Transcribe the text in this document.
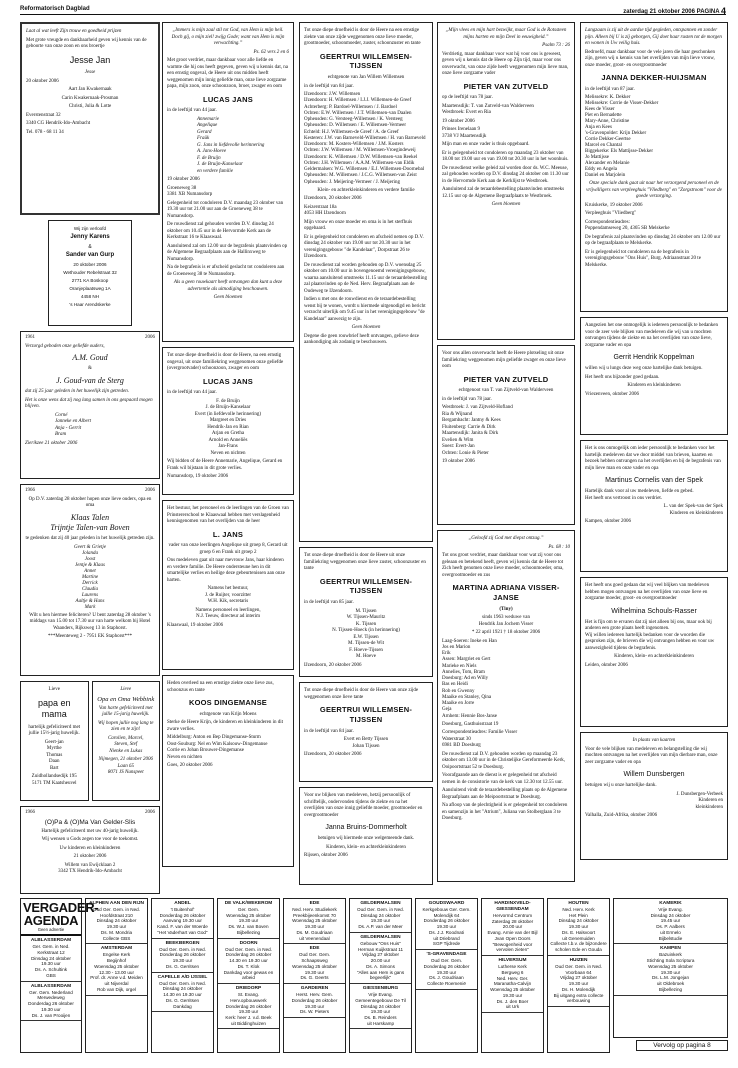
Reformatorisch Dagblad	zaterdag 21 oktober 2006 PAGINA 4

Laat al wat leeft Zijn trouw en goedheid prijzen

Met grote vreugde en dankbaarheid geven wij kennis van de geboorte van onze zoon en ons broertje

Jesse Jan

Jesse

20 oktober 2006

Aart Jan Kwakernaak

Carin Kwakernaak-Prosman

Christi, Julia & Lotte

Everstenstraat 32

3340 CG Hendrik-Ido-Ambacht

Tel. 078 - 68 11 34

Wij zijn verloofd

Jenny Karens

&

Sander van Gurp

20 oktober 2006

Wethouder Rebelstraat 32

2771 KA Boskoop

Oranjeplaatsweg 1A

4458 NH

's Haar Arendskerke

1961	2006

Verzorgd geboden onze geliefde ouders,

A.M. Goud

&

J. Goud-van de Sterg

dat zij 25 jaar geleden in het huwelijk zijn getreden.

Het is onze wens dat zij nog lang samen in ons gespaard mogen blijven.

Corné
Janneke en Albert
Anja - Gerrit
Bram

Zierikzee 21 oktober 2006

1966	2006

Op D.V. zaterdag 28 oktober hopen onze lieve ouders, opa en oma

Klaas Talen
Trijntje Talen-van Boven

te gedenken dat zij 40 jaar geleden in het huwelijk getreden zijn.

Geert & Grietje
Jolanda
Joost
Jentje & Klaas
Annet
Martine
Derrick
Claudia
Laurens
Aaltje & Hans
Mark

Wilt u hen hiermee feliciteren? U bent zaterdag 28 oktober 's middags van 15.00 tot 17.30 uur van harte welkom bij Hotel Waanders, Rijksweg 13 in Staphorst.

***Meenteweg 2 - 7951 EK Staphorst***

Lieve

papa en mama

hartelijk gefeliciteerd met jullie 15½-jarig huwelijk.

Geert-jan
Myrthe
Thomas
Daan
Bart

Zuidhollandsedijk 195
5171 TM Kaatsheuvel

Lieve

Opa en Oma Webbink

Van harte gefeliciteerd met jullie 15-jarig huwelijk.

Wij hopen jullie nog lang te zien en te zijn!

Carolien, Marcel,
Steven, Stef
Nienke en Lukas

Nijmegen, 21 oktober 2006
Laan 65
8071 JS Nunspeet

1966	2006

(O)Pa & (O)Ma Van Gelder-Slis

Hartelijk gefeliciteerd met uw 40-jarig huwelijk.

Wij wensen u Gods zegen toe voor de toekomst.

Uw kinderen en kleinkinderen

21 oktober 2006

Willem van Ewijcklaan 2
3342 TX Hendrik-Ido-Ambacht

„Immers is mijn zaal stil tot God, van Hem is mijn heil. Doch gij, o mijn ziel! zwijg Gode; want van Hem is mijn verwachting.”

Ps. 62 vers 2 en 6

Met groot verdriet, maar dankbaar voor alle liefde en warmte die hij ons heeft gegeven, geven wij u kennis dat, na een ernstig ongeval, de Heere uit ons midden heeft weggenomen mijn innig geliefde man, onze lieve zorgzame papa, mijn zoon, onze schoonzoon, broer, zwager en oom

LUCAS JANS

in de leeftijd van 44 jaar.

Annemarie
Angelique
Gerard
Fraük
G. Jans in liefdevolle herinnering
A. Jans-Hoeve
F. de Bruijn
J. de Bruijn-Kanselaar
en verdere familie

19 oktober 2006

Groeneweg 38
3381 XB Numansdorp

Gelegenheid tot condoleren D.V. maandag 23 oktober van 19.30 uur tot 21.00 uur aan de Groeneweg 38 te Numansdorp.

De rouwdienst zal gehouden worden D.V. dinsdag 24 oktober om 10.45 uur in de Hervormde Kerk aan de Kerkstraat 16 te Klaaswaal.

Aansluitend zal om 12.00 uur de begrafenis plaatsvinden op de Algemene Begraafplaats aan de Hallinxweg te Numansdorp.

Na de begrafenis is er afscheid geslacht tot condoleren aan de Groeneweg 38 te Numansdorp.

Als u geen rouwkaart heeft ontvangen dan kunt u deze advertentie als uitnodiging beschouwen.

Geen bloemen

Tot onze diepe droefheid is door de Heere, na een ernstig ongeval, uit onze familiekring weggenomen onze geliefde (overgrootvader) schoonzoon, zwager en oom

LUCAS JANS

in de leeftijd van 44 jaar.

F. de Bruijn
J. de Bruijn-Kanselaar
Evert (in liefdevolle herinnering)
Margreet en Dries
Hendrik-Jan en Rian
Arjan en Gretha
Arnold en Anneliës
Jan-Frans
Neven en nichten

Wij bidden of de Heere Annemarie, Angelique, Gerard en Frank wil bijstaan in dit grote verlies.

Numansdorp, 19 oktober 2006

Het bestuur, het personeel en de leerlingen van de Groen van Prinstererschool te Klaaswaal hebben met verslagenheid kennisgenomen van het overlijden van de heer

L. JANS

vader van onze leerlingen Angelique uit groep 8, Gerard uit groep 6 en Frank uit groep 2

Ons medeleven gaat uit naar mevrouw Jans, haar kinderen en verdere familie. De Heere ondersteune hen in dit smartelijke verlies en heilige deze gebeurtenissen aan onze harten.

Namens het bestuur,
J. de Ruijter, voorzitter
W.H. Kik, secretaris

Namens personeel en leerlingen,
N.J. Teeuw, directeur ad interim

Klaaswaal, 19 oktober 2006

Heden overleed na een ernstige ziekte onze lieve zus, schoonzus en tante

KOOS DINGEMANSE

echtgenote van Krijn Moens

Sterke de Heere Krijn, de kinderen en kleinkinderen in dit zware verlies.

Middelburg: Anton en Bep Dingemanse-Sturm
Oost-Souburg: Nel en Wim Kalsouw-Dingemanse
Corrie en Johan Brouwer-Dingemanse
Neven en nichten

Goes, 20 oktober 2006

Tot onze diepe droefheid is door de Heere na een ernstige ziekte van onze zijde weggenomen onze lieve moeder, grootmoeder, schoonmoeder, zuster, schoonzuster en tante

GEERTRUI WILLEMSEN-TIJSSEN

echtgenote van Jan Willem Willemsen

in de leeftijd van 84 jaar.

IJzendoorn: J.W. Willemsen
IJzendoorn: H. Willemsen / I.J.J. Willemsen-de Greef
Achterberg: P. Bardoel-Willemsen / J. Bardoel
Ochten: E.W. Willemsen / J.T. Willemsen-van Daalen
Opheusden: G. Versteeg-Willemsen / K. Versteeg
Opheusden: D. Willemsen / E. Willemsen-Vermeer
Echteld: H.J. Willemsen-de Greef / A. de Greef
Kesteren: J.W. van Barneveld-Willemsen / H. van Barneveld
IJzendoorn: M. Kosters-Willemsen / J.M. Kosters
Ochten: J.W. Willemsen / M. Willemsen-Vroegindeweij
IJzendoorn: K. Willemsen / D.W. Willemsen-van Reekel
Ochten: J.H. Willemsen / A.A.M. Willemsen-van Eldik
Geldermalsen: W.G. Willemsen / E.J. Willemsen-Doornebal
Opheusden: M. Willemsen / J.C.G. Willemsen-van Zeist
Opheusden: J. Meijering-Vermeer / J. Meijering

Klein- en achterkleinkinderen en verdere familie

IJzendoorn, 20 oktober 2006

Keizerstraat 18a
4053 HH IJzendoorn

Mijn vrouw en onze moeder en oma is in het sterfhuis opgebaard.

Er is gelegenheid tot condoleren en afscheid nemen op D.V. dinsdag 24 oktober van 19.00 uur tot 20.30 uur in het verenigingsgebouw "de Kandelaar", Dorpstraat 26 te IJzendoorn.

De rouwdienst zal worden gehouden op D.V. woensdag 25 oktober om 10.00 uur in bovengenoemd verenigingsgebouw, waarna aansluitend omstreeks 11.15 uur de teraardebestelling zal plaatsvinden op de Ned. Herv. Begraafplaats aan de Oudeweg te IJzendoorn.

Indien u met ons de rouwdienst en de teraardebestelling wenst bij te wonen, wordt u hiermede uitgenodigd en bericht verzocht uiterlijk om 9.45 uur in het verenigingsgebouw "de Kandelaar" aanwezig te zijn.

Geen bloemen

Degene die geen rouwbrief heeft ontvangen, gelieve deze aankondiging als zodanig te beschouwen.

Tot onze diepe droefheid is door de Heere uit onze familiekring weggenomen onze lieve zuster, schoonzuster en tante

GEERTRUI WILLEMSEN-TIJSSEN

in de leeftijd van 85 jaar.

M. Tijssen
W. Tijssen-Mauritz
K. Tijssen
N. Tijssen-Hoeck (in herinnering)
E.W. Tijssen
M. Tijssen-de Wit
F. Hoeve-Tijssen
M. Hoeve

IJzendoorn, 20 oktober 2006

Tot onze diepe droefheid is door de Heere van onze zijde weggenomen onze lieve tante

GEERTRUI WILLEMSEN-TIJSSEN

in de leeftijd van 84 jaar.

Evert en Betty Tijssen
Johan Tijssen

IJzendoorn, 20 oktober 2006

Voor uw blijken van medeleven, hetzij persoonlijk of schriftelijk, ondervonden tijdens de ziekte en na het overlijden van onze innig geliefde moeder, grootmoeder en overgrootmoeder

Janna Bruins-Dommerholt

betuigen wij hiermede onze welgemeende dank.

Kinderen, klein- en achterkleinkinderen

Rijssen, oktober 2006

„Mijn vlees en mijn hart bezwijkt, maar God is de Rotssteen mijns harten en mijn Deel in eeuwigheid.”

Psalm 73 : 26

Verdrietig, maar dankbaar voor wat hij voor ons is geweest, geven wij u kennis dat de Heere op Zijn tijd, maar voor ons onverwacht, van onze zijde heeft weggenomen mijn lieve man, onze lieve zorgzame vader

PIETER VAN ZUTVELD

op de leeftijd van 78 jaar.

Maartensdijk: T. van Zutveld-van Walderveen
Westbroek: Evert en Ria

19 oktober 2006

Prinses Irenelaan 9
3738 VJ Maartensdijk

Mijn man en onze vader is thuis opgebaard.

Er is gelegenheid tot condoleren op maandag 23 oktober van 18.00 tot 19.00 uur en van 19.00 tot 20.30 uur in het woonhuis.

De rouwdienst welke geleid zal worden door ds. W.C. Meeuse, zal gehouden worden op D.V. dinsdag 24 oktober om 11.30 uur in de Hervormde Kerk aan de Kerklijst te Westbroek.

Aansluitend zal de teraardebestelling plaatsvinden omstreeks 12.15 uur op de Algemene Begraafplaats te Westbroek.

Geen bloemen

Voor ons allen onverwacht heeft de Heere plotseling uit onze familiekring weggenomen mijn geliefde zwager en onze lieve oom

PIETER VAN ZUTVELD

echtgenoot van T. van Zijtveld-van Walderveen

in de leeftijd van 78 jaar.

Westbroek: J. van Zijtveld-Hofland
Ria & Wijnand
Bergambacht: Jantny & Kees
Fluitenberg: Carrie & Dirk
Maartensdijk: Janita & Dirk
Evelien & Wim
Soest: Evert-Jan
Ochten: Lonie & Pieter

19 oktober 2006

„Geloofd zij God met diepst ontzag.”

Ps. 68 : 10

Tot ons groot verdriet, maar dankbaar voor wat zij voor ons geleaan en betekend heeft, geven wij kennis dat de Heere tot Zich heeft genomen onze lieve moeder, schoonmoeder, oma, overgrootmoeder en zus

MARTINA ADRIANA VISSER-JANSE

(Tiny)

sinds 1963 weduwe van
Hendrik Jan Jochem Visser

* 22 april 1921 † 18 oktober 2006

Laag-Soeren: Ineke en Han
Jos en Marion
Erik
Assen: Margriet en Gert
Marieke en Niels
Annelies, Tom, Bram
Doesburg: Ad en Willy
Bas en Heidi
Rob en Gwenny
Maaike en Stanley, Qina
Maaike en Jorre
Geja
Arnhem: Hennie Bos-Janse

Doesburg, Gasthuisstraat 19

Correspondentieadres: Familie Visser
Waterstraat 30
6981 BD Doesburg

De rouwdienst zal D.V. gehouden worden op maandag 23 oktober om 13.00 uur in de Christelijke Gereformeerde Kerk, Ooipoortstraat 52 te Doesburg.

Voorafgaande aan de dienst is er gelegenheid tot afscheid nemen in de consistorie van de kerk van 12.30 tot 12.55 uur.

Aansluitend vindt de teraardebestelling plaats op de Algemene Begraafplaats aan de Meipoortstraat te Doesburg.

Na afloop van de plechtigheid is er gelegenheid tot condoleren en samenzijn in het "Atrium", Juliana van Stolberglaan 3 te Doesburg.

Langzaam is zij uit de aardse tijd gegleden, ontspannen en zonder pijn. Alleen bij U is zij geborgen, Gij doet haar rusten tot de morgen en wonen in Uw veilig huis.

Bedroefd, maar dankbaar voor de vele jaren die haar geschonken zijn, geven wij u kennis van het overlijden van mijn lieve vrouw, onze moeder, groot- en overgrootmoeder

JANNA DEKKER-HUIJSMAN

in de leeftijd van 87 jaar.

Melissekre: K. Dekker
Melissekre: Corrie de Visser-Dekker
Kees de Visser
Piet en Bernadette
Mary-Anne, Christine
Anja en Kees
's-Gravenpolder: Krijn Dekker
Corrie Dekker-Geertse
Marcel en Chantal
Biggekerke: Els Mattijsse-Dekker
Jo Mattijsse
Alexander en Melanie
Eddy en Angela
Daniel en Marjolein

Onze speciale dank gaat uit naar het verzorgend personeel en de vrijwilligers van verpleeghuis "Vliedberg" en "Zorgstroom" voor de goede verzorging.

Kruiskerke, 19 oktober 2006

Verpleeghuis "Vliedberg"

Correspondentieadres:
Poppendamseweg 20, 4365 SB Melskerke

De begrafenis zal plaatsvinden op dinsdag 24 oktober om 12.00 uur op de begraafplaats te Melskerke.

Er is gelegenheid tot condoleren na de begrafenis in verenigingsgebouw "Ons Huis", Burg. Adriaanstraat 20 te Melskerke.

Aangezien het one onmogelijk is iedereen persoonlijk te bedanken voor de zeer vele blijken van medeleven die wij van u mochten ontvangen tijdens de ziekte en na het overlijden van onze lieve, zorgzame vader en opa

Gerrit Hendrik Koppelman

willen wij u lungs deze weg onze hartelijke dank betuigen.

Het heeft ons bijzonder goed gedaan.

Kinderen en kleinkinderen

Vriezenveen, oktober 2006

Het is ons onmogelijk om ieder persoonlijk te bedanken voor het hartelijk medeleven dat we door middel van brieven, kaarten en bezoek hebben ontvangen na het overlijden en bij de begrafenis van mijn lieve man en onze vader en opa

Martinus Cornelis van der Spek

Hartelijk dank voor al uw medeleven, liefde en gebed.
Het heeft ons vertroost in ons verdriet.

L. van der Spek-van der Spek
Kinderen en kleinkinderen

Kampen, oktober 2006

Het heeft ons goed gedaan dat wij veel blijken van medeleven hebben mogen ontvangen na het overlijden van onze lieve en zorgzame moeder, groot- en overgrootmoeder

Wilhelmina Schouls-Rasser

Het is fijn om te ervaren dat zij niet alleen bij ons, maar ook bij anderen een grote plaats heeft ingenomen.
Wij willen iedereen hartelijk bedanken voor de woorden die gesproken zijn, de brieven die wij ontvangen hebben en voor uw aanwezigheid tijdens de begrafenis.

Kinderen, klein- en achterkleinkinderen

Leiden, oktober 2006

In plaats van kaarten

Voor de vele blijken van medeleven en belangstelling die wij mochten ontvangen na het overlijden van mijn dierbare man, onze zeer zorgzame vader en opa

Willem Dunsbergen

betuigen wij u onze hartelijke dank.

J. Dunsbergen-Verbeek
Kinderen en
kleinkinderen

Valhalla, Zuid-Afrika, oktober 2006

VERGADER-
AGENDA
Geen adnertie
ALBLASSERDAM
Ger. Gem. in Ned.
Kerkstraat 12
Dinsdag 24 oktober
19.30 uur
Ds. A. Schultink
GBS
ALBLASSERDAM
Ger. Gem. Nederland
Merwedeweg
Donderdag 26 oktober
19.30 uur
Ds. J. van Prooijen
ALPHEN AAN DEN RIJN
Oud Ger. Gem. in Ned.
Hoofdstraat 210
Dinsdag 24 oktober
19.30 uur
Ds. M. Mondria
Collecte GBS
AMSTERDAM
Engelse Kerk
Begijnhof
Woensdag 25 oktober
12.30 - 13.00 uur
Prof. dr. Anne v.d. Meiden
uit Nijverdal
Rob van Dijk, orgel
ANDEL
't Buitenhof'
Donderdag 26 oktober
Aanvang 19.30 uur
Kand. F. van der Woerde
"Het Vaderhart van God"
BEEKBERGEN
Oud Ger. Gem. in Ned.
Donderdag 26 oktober
19.30 uur
Ds. G. Gerritsen
CAPELLE A/D IJSSEL
Oud Ger. Gem. in Ned.
Dinsdag 24 oktober
14.30 en 19.30 uur
Ds. G. Gerritsen
Dankdag
DE VALK/WEKEROM
Ger. Gem.
Woensdag 25 oktober
19.30 uur
Ds. W.J. van Boven
Bijbellezing
DOORN
Oud Ger. Gem. in Ned.
Donderdag 26 oktober
14.30 en 19.30 uur
Ds. T. Klok
Dankdag voor gewas en arbeid
DRIEDORP
St. Evang.
Herv.opbouwwerk
Donderdag 26 oktober
19.30 uur
Kerk: heer J. v.d. Beek
uit Biddinghuizen
EDE
Ned. Herv. Studiekerk
Preekbijeenkomst 70
Woensdag 25 oktober
19.30 uur
Ds. M. Goudriaan
uit Veenendaal
EDE
Oud Ger. Gem.
Schaapsweg
Woensdag 25 oktober
19.30 uur
Ds. G. Geerts
GARDEREN
Herst. Herv. Gem.
Donderdag 26 oktober
19.30 uur
Ds. W. Pieters
GELDERMALSEN
Oud Ger. Gem. in Ned.
Dinsdag 24 oktober
19.30 uur
Ds. A.P. van der Meer
GELDERMALSEN
Gebouw "Ons Huis"
Herman Kuijkstraat 11
Vrijdag 27 oktober
20.00 uur
Ds. A. Simons
"Alles aan Hem is gans begeerlijk"
GIESSENBURG
Vrije Evang.
Gemeentegebouw De Til
Dinsdag 24 oktober
19.30 uur
Ds. B. Reinders
uit Harskamp
GOUDSWAARD
Kerkgebouw Ger. Gem.
Molendijk 64
Donderdag 26 oktober
19.30 uur
Ds. J.J. Roodnati
uit Driebrand
SGP Tijdrede
'S-GRAVENDAGE
Oud Ger. Gem.
Donderdag 26 oktober
19.30 uur
Ds. J. Goudriaan
Collecte Roemenië
HARDINXVELD-GIESSENDAM
Hervormd Centrum
Zaterdag 28 oktober
20.00 uur
Evang. Arnie van der Bijl
Jvan Open Doors
"Bewogenheid voor vervolen zieten"
HILVERSUM
Lutherse Kerk
Bergweg 6
Ned. Herv. Ger.
Maranatha-Calvijn
Woensdag 25 oktober
19.30 uur
Ds. J. den Boer
uit Urk
HOUTEN
Ned. Herv. Kerk
Het Plein
Dinsdag 24 oktober
19.30 uur
Ds. E. Halsvoort
uit Genemuiden
Collecte t.b.v. de bijzondere scholen Ede en Gouda
HUIZEN
Oud Ger. Gem. in Ned.
Voorbaan 64
Vrijdag 27 oktober
19.30 uur
Ds. H. Molendijk
Bij uitgang extra collecte verbouwing
KAMERIK
Vrije Evang.
Dinsdag 24 oktober
19.45 uur
Ds. P. Aalbers
uit Ermelo
Bijbelstudie
KAMPEN
Bazuinkerk
Stichting Sola Scriptura
Woensdag 25 oktober
19.30 uur
Ds. L.M. Jongejan
uit Oldebroek
Bijbellezing
Vervolg op pagina 8
